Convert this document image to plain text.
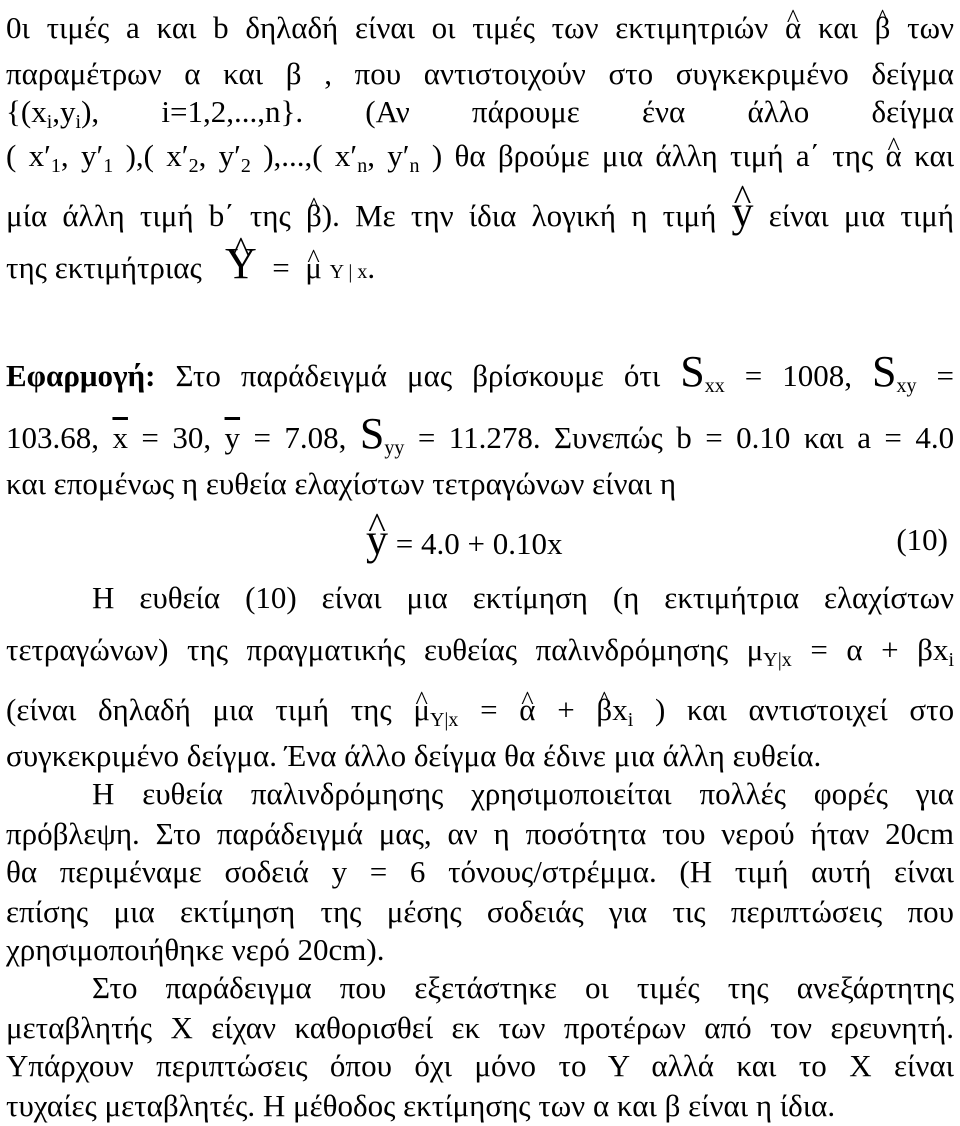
0ι τιμές a και b δηλαδή είναι οι τιμές των εκτιμητριών ^ α και ^ β των
παραμέτρων α και β , που αντιστοιχούν στο συγκεκριμένο δείγμα
{$(x_i,y_i)$, i=1,2,...,n}. (Αν πάρουμε ένα άλλο δείγμα
( x ′ $_1$, y ′ $_1$ ),( x ′ $_2$, y ′ $_2$ ),...,( x ′ $_n$, y ′ $_n$ ) θα βρούμε μια άλλη τιμή a΄ της ^ α και
μία άλλη τιμή b΄ της ^ β). Με την ίδια λογική η τιμή ^ y είναι μια τιμή
της εκτιμήτριας ^ Y = ^ μ Y | x.
Εφαρμογή: Στο παράδειγμά μας βρίσκουμε ότι $S_{xx} = 1008$, $S_{xy}$ =
103.68, $\overline{x} = 30$, $\overline{y} = 7.08$, $S_{yy} = 11.278$. Συνεπώς b = 0.10 και a = 4.0
και επομένως η ευθεία ελαχίστων τετραγώνων είναι η
^ y = 4.0 + 0.10x	(10)
Η ευθεία (10) είναι μια εκτίμηση (η εκτιμήτρια ελαχίστων
τετραγώνων) της πραγματικής ευθείας παλινδρόμησης $\mu_{Y|x} = \alpha + \beta x_i$
(είναι δηλαδή μια τιμή της ^ $\mu_{Y|x}$ = ^ α + ^ $\beta x_i$ ) και αντιστοιχεί στο
συγκεκριμένο δείγμα. Ένα άλλο δείγμα θα έδινε μια άλλη ευθεία.
Η ευθεία παλινδρόμησης χρησιμοποιείται πολλές φορές για
πρόβλεψη. Στο παράδειγμά μας, αν η ποσότητα του νερού ήταν 20cm
θα περιμέναμε σοδειά y = 6 τόνους/στρέμμα. (Η τιμή αυτή είναι
επίσης μια εκτίμηση της μέσης σοδειάς για τις περιπτώσεις που
χρησιμοποιήθηκε νερό 20cm).
Στο παράδειγμα που εξετάστηκε οι τιμές της ανεξάρτητης
μεταβλητής Χ είχαν καθορισθεί εκ των προτέρων από τον ερευνητή.
Υπάρχουν περιπτώσεις όπου όχι μόνο το Υ αλλά και το Χ είναι
τυχαίες μεταβλητές. Η μέθοδος εκτίμησης των α και β είναι η ίδια.
